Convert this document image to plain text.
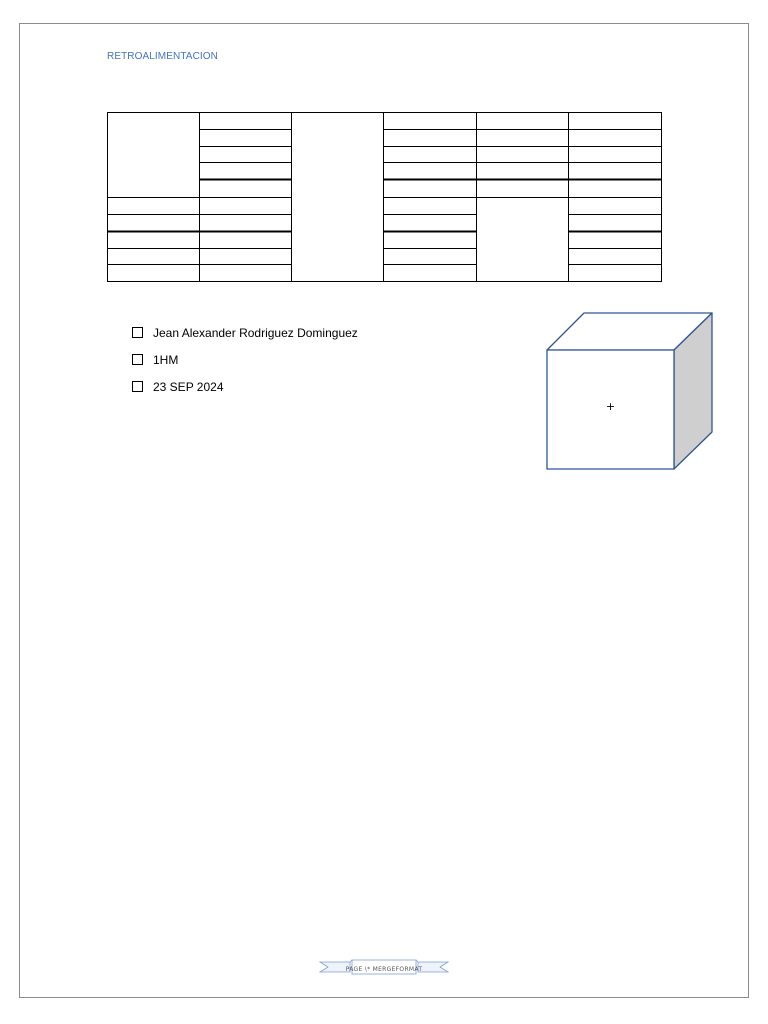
RETROALIMENTACION
Jean Alexander Rodriguez Dominguez
1HM
23 SEP 2024
+
PAGE \* MERGEFORMAT
